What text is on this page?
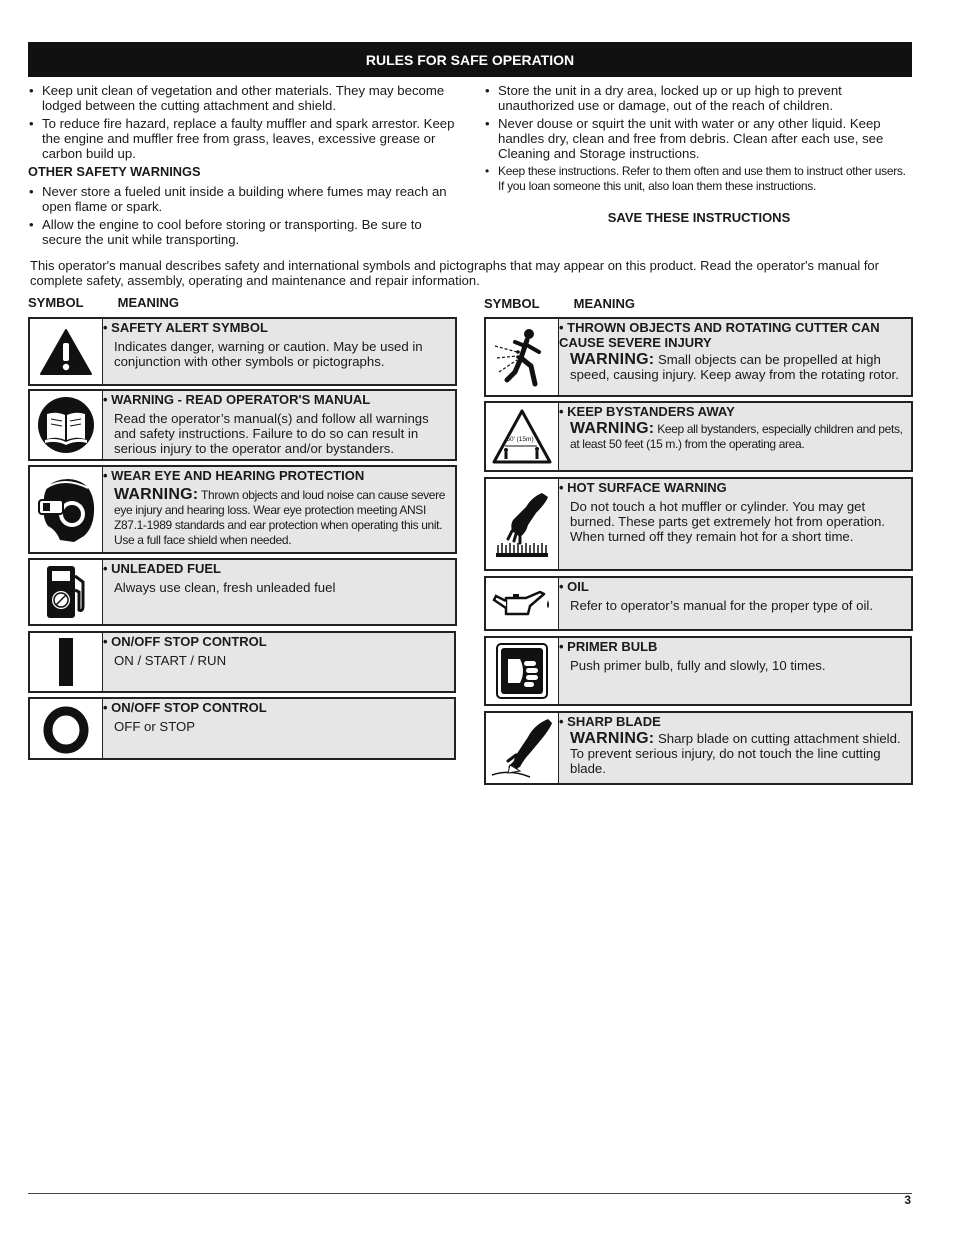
RULES FOR SAFE OPERATION
• Keep unit clean of vegetation and other materials. They may become lodged between the cutting attachment and shield.
• To reduce fire hazard, replace a faulty muffler and spark arrestor. Keep the engine and muffler free from grass, leaves, excessive grease or carbon build up.
OTHER SAFETY WARNINGS
• Never store a fueled unit inside a building where fumes may reach an open flame or spark.
• Allow the engine to cool before storing or transporting. Be sure to secure the unit while transporting.
• Store the unit in a dry area, locked up or up high to prevent unauthorized use or damage, out of the reach of children.
• Never douse or squirt the unit with water or any other liquid. Keep handles dry, clean and free from debris. Clean after each use, see Cleaning and Storage instructions.
• Keep these instructions. Refer to them often and use them to instruct other users. If you loan someone this unit, also loan them these instructions.
SAVE THESE INSTRUCTIONS
This operator's manual describes safety and international symbols and pictographs that may appear on this product. Read the operator's manual for complete safety, assembly, operating and maintenance and repair information.
SYMBOL	MEANING	SYMBOL	MEANING
• SAFETY ALERT SYMBOL
Indicates danger, warning or caution. May be used in conjunction with other symbols or pictographs.
• WARNING - READ OPERATOR'S MANUAL
Read the operator’s manual(s) and follow all warnings and safety instructions. Failure to do so can result in serious injury to the operator and/or bystanders.
• WEAR EYE AND HEARING PROTECTION
WARNING: Thrown objects and loud noise can cause severe eye injury and hearing loss. Wear eye protection meeting ANSI Z87.1-1989 standards and ear protection when operating this unit. Use a full face shield when needed.
• UNLEADED FUEL
Always use clean, fresh unleaded fuel
• ON/OFF STOP CONTROL
ON / START / RUN
• ON/OFF STOP CONTROL
OFF or STOP
• THROWN OBJECTS AND ROTATING CUTTER CAN CAUSE SEVERE INJURY
WARNING: Small objects can be propelled at high speed, causing injury. Keep away from the rotating rotor.
50' (15m)
• KEEP BYSTANDERS AWAY
WARNING: Keep all bystanders, especially children and pets, at least 50 feet (15 m.) from the operating area.
• HOT SURFACE WARNING
Do not touch a hot muffler or cylinder. You may get burned. These parts get extremely hot from operation. When turned off they remain hot for a short time.
• OIL
Refer to operator’s manual for the proper type of oil.
• PRIMER BULB
Push primer bulb, fully and slowly, 10 times.
• SHARP BLADE
WARNING: Sharp blade on cutting attachment shield. To prevent serious injury, do not touch the line cutting blade.
3
